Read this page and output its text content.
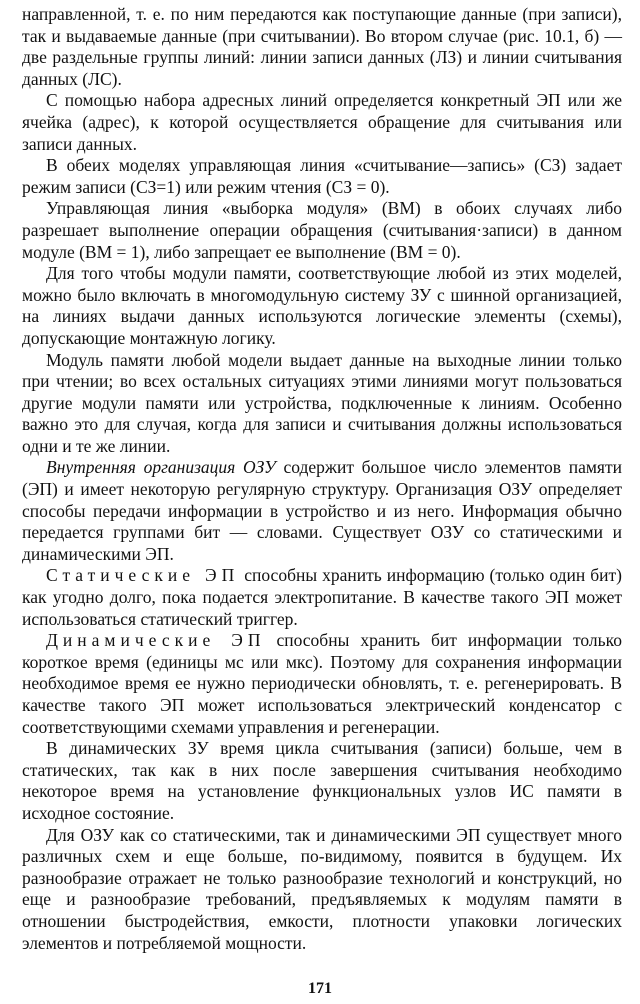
направленной, т. е. по ним передаются как поступающие данные (при записи), так и выдаваемые данные (при считывании). Во втором случае (рис. 10.1, б) — две раздельные группы линий: линии записи данных (ЛЗ) и линии считывания данных (ЛС).

С помощью набора адресных линий определяется конкретный ЭП или же ячейка (адрес), к которой осуществляется обращение для считывания или записи данных.

В обеих моделях управляющая линия «считывание—запись» (СЗ) задает режим записи (СЗ=1) или режим чтения (СЗ = 0).

Управляющая линия «выборка модуля» (ВМ) в обоих случаях либо разрешает выполнение операции обращения (считывания·записи) в данном модуле (ВМ = 1), либо запрещает ее выполнение (ВМ = 0).

Для того чтобы модули памяти, соответствующие любой из этих моделей, можно было включать в многомодульную систему ЗУ с шинной организацией, на линиях выдачи данных используются логические элементы (схемы), допускающие монтажную логику.

Модуль памяти любой модели выдает данные на выходные линии только при чтении; во всех остальных ситуациях этими линиями могут пользоваться другие модули памяти или устройства, подключенные к линиям. Особенно важно это для случая, когда для записи и считывания должны использоваться одни и те же линии.

Внутренняя организация ОЗУ содержит большое число элементов памяти (ЭП) и имеет некоторую регулярную структуру. Организация ОЗУ определяет способы передачи информации в устройство и из него. Информация обычно передается группами бит — словами. Существует ОЗУ со статическими и динамическими ЭП.

Статические ЭП способны хранить информацию (только один бит) как угодно долго, пока подается электропитание. В качестве такого ЭП может использоваться статический триггер.

Динамические ЭП способны хранить бит информации только короткое время (единицы мс или мкс). Поэтому для сохранения информации необходимое время ее нужно периодически обновлять, т. е. регенерировать. В качестве такого ЭП может использоваться электрический конденсатор с соответствующими схемами управления и регенерации.

В динамических ЗУ время цикла считывания (записи) больше, чем в статических, так как в них после завершения считывания необходимо некоторое время на установление функциональных узлов ИС памяти в исходное состояние.

Для ОЗУ как со статическими, так и динамическими ЭП существует много различных схем и еще больше, по-видимому, появится в будущем. Их разнообразие отражает не только разнообразие технологий и конструкций, но еще и разнообразие требований, предъявляемых к модулям памяти в отношении быстродействия, емкости, плотности упаковки логических элементов и потребляемой мощности.

171
